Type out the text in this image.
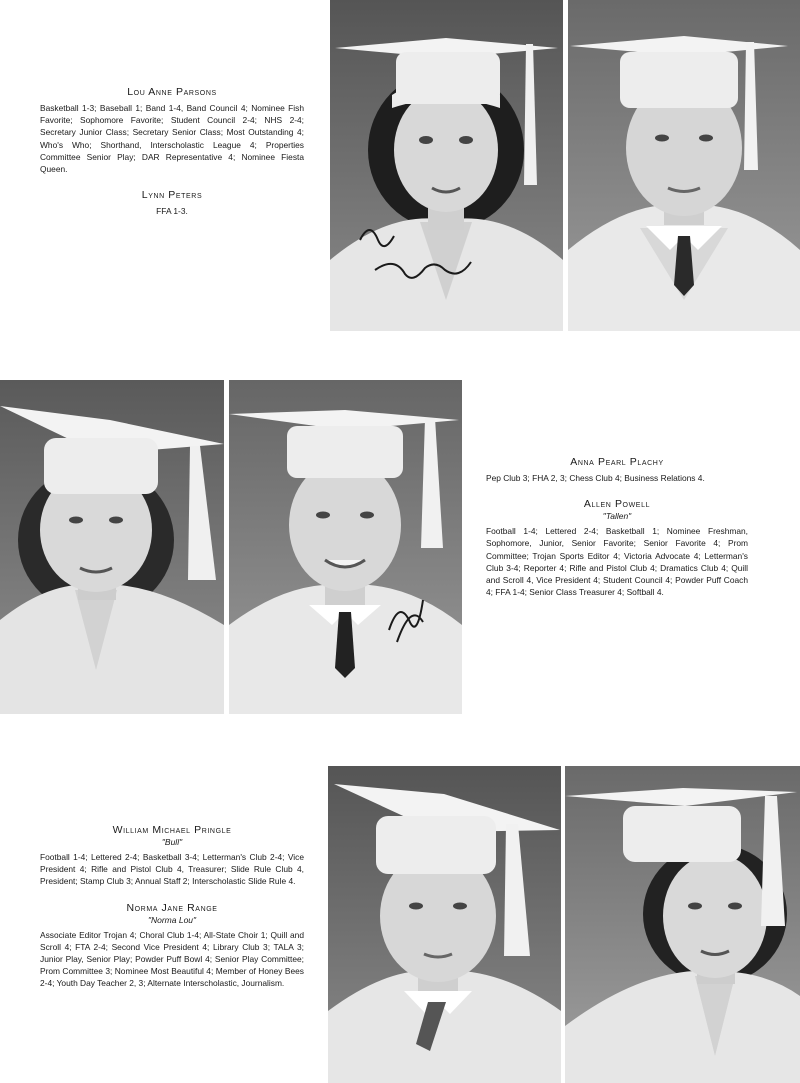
Lou Anne Parsons
Basketball 1-3; Baseball 1; Band 1-4, Band Council 4; Nominee Fish Favorite; Sophomore Favorite; Student Council 2-4; NHS 2-4; Secretary Junior Class; Secretary Senior Class; Most Outstanding 4; Who's Who; Shorthand, Interscholastic League 4; Properties Committee Senior Play; DAR Representative 4; Nominee Fiesta Queen.
Lynn Peters
FFA 1-3.
Love Anne
Allen
Anna Pearl Plachy
Pep Club 3; FHA 2, 3; Chess Club 4; Business Relations 4.
Allen Powell
"Tallen"
Football 1-4; Lettered 2-4; Basketball 1; Nominee Freshman, Sophomore, Junior, Senior Favorite; Senior Favorite 4; Prom Committee; Trojan Sports Editor 4; Victoria Advocate 4; Letterman's Club 3-4; Reporter 4; Rifle and Pistol Club 4; Dramatics Club 4; Quill and Scroll 4, Vice President 4; Student Council 4; Powder Puff Coach 4; FFA 1-4; Senior Class Treasurer 4; Softball 4.
William Michael Pringle
"Bull"
Football 1-4; Lettered 2-4; Basketball 3-4; Letterman's Club 2-4; Vice President 4; Rifle and Pistol Club 4, Treasurer; Slide Rule Club 4, President; Stamp Club 3; Annual Staff 2; Interscholastic Slide Rule 4.
Norma Jane Range
"Norma Lou"
Associate Editor Trojan 4; Choral Club 1-4; All-State Choir 1; Quill and Scroll 4; FTA 2-4; Second Vice President 4; Library Club 3; TALA 3; Junior Play, Senior Play; Powder Puff Bowl 4; Senior Play Committee; Prom Committee 3; Nominee Most Beautiful 4; Member of Honey Bees 2-4; Youth Day Teacher 2, 3; Alternate Interscholastic, Journalism.
